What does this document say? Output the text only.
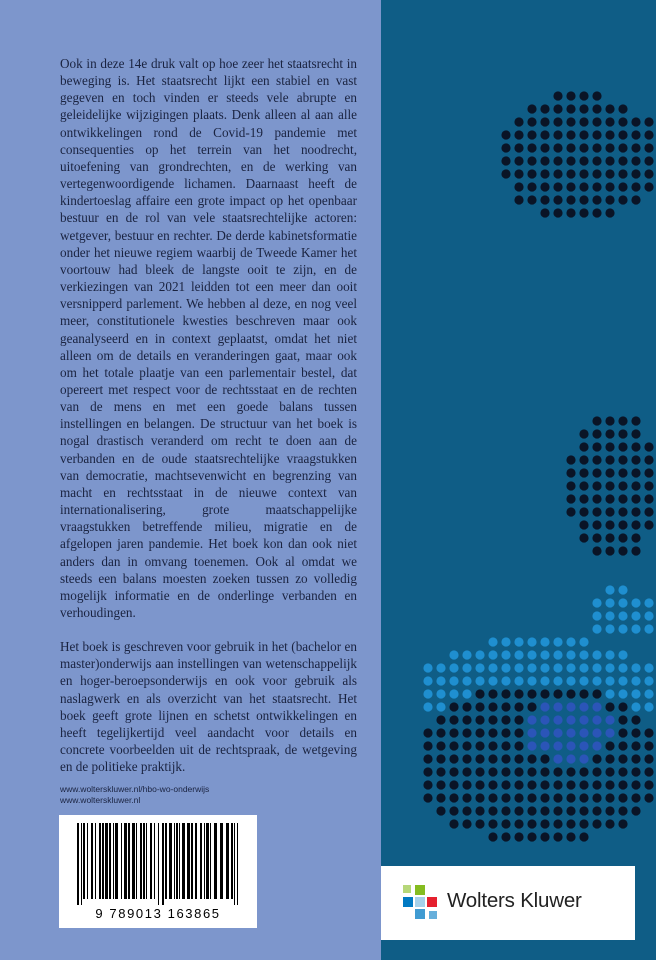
Ook in deze 14e druk valt op hoe zeer het staatsrecht in beweging is. Het staatsrecht lijkt een stabiel en vast gegeven en toch vinden er steeds vele abrupte en geleidelijke wijzigingen plaats. Denk alleen al aan alle ontwikkelingen rond de Covid-19 pandemie met consequenties op het terrein van het noodrecht, uitoefening van grondrechten, en de werking van vertegenwoordigende lichamen. Daarnaast heeft de kindertoeslag affaire een grote impact op het openbaar bestuur en de rol van vele staatsrechtelijke actoren: wetgever, bestuur en rechter. De derde kabinetsformatie onder het nieuwe regiem waarbij de Tweede Kamer het voortouw had bleek de langste ooit te zijn, en de verkiezingen van 2021 leidden tot een meer dan ooit versnipperd parlement. We hebben al deze, en nog veel meer, constitutionele kwesties beschreven maar ook geanalyseerd en in context geplaatst, omdat het niet alleen om de details en veranderingen gaat, maar ook om het totale plaatje van een parlementair bestel, dat opereert met respect voor de rechtsstaat en de rechten van de mens en met een goede balans tussen instellingen en belangen. De structuur van het boek is nogal drastisch veranderd om recht te doen aan de verbanden en de oude staatsrechtelijke vraagstukken van democratie, machtsevenwicht en begrenzing van macht en rechtsstaat in de nieuwe context van internationalisering, grote maatschappelijke vraagstukken betreffende milieu, migratie en de afgelopen jaren pandemie. Het boek kon dan ook niet anders dan in omvang toenemen. Ook al omdat we steeds een balans moesten zoeken tussen zo volledig mogelijk informatie en de onderlinge verbanden en verhoudingen.

Het boek is geschreven voor gebruik in het (bachelor en master)onderwijs aan instellingen van wetenschappelijk en hoger-beroepsonderwijs en ook voor gebruik als naslagwerk en als overzicht van het staatsrecht. Het boek geeft grote lijnen en schetst ontwikkelingen en heeft tegelijkertijd veel aandacht voor details en concrete voorbeelden uit de rechtspraak, de wetgeving en de politieke praktijk.

www.wolterskluwer.nl/hbo-wo-onderwijs
www.wolterskluwer.nl
9 789013 163865
Wolters Kluwer
